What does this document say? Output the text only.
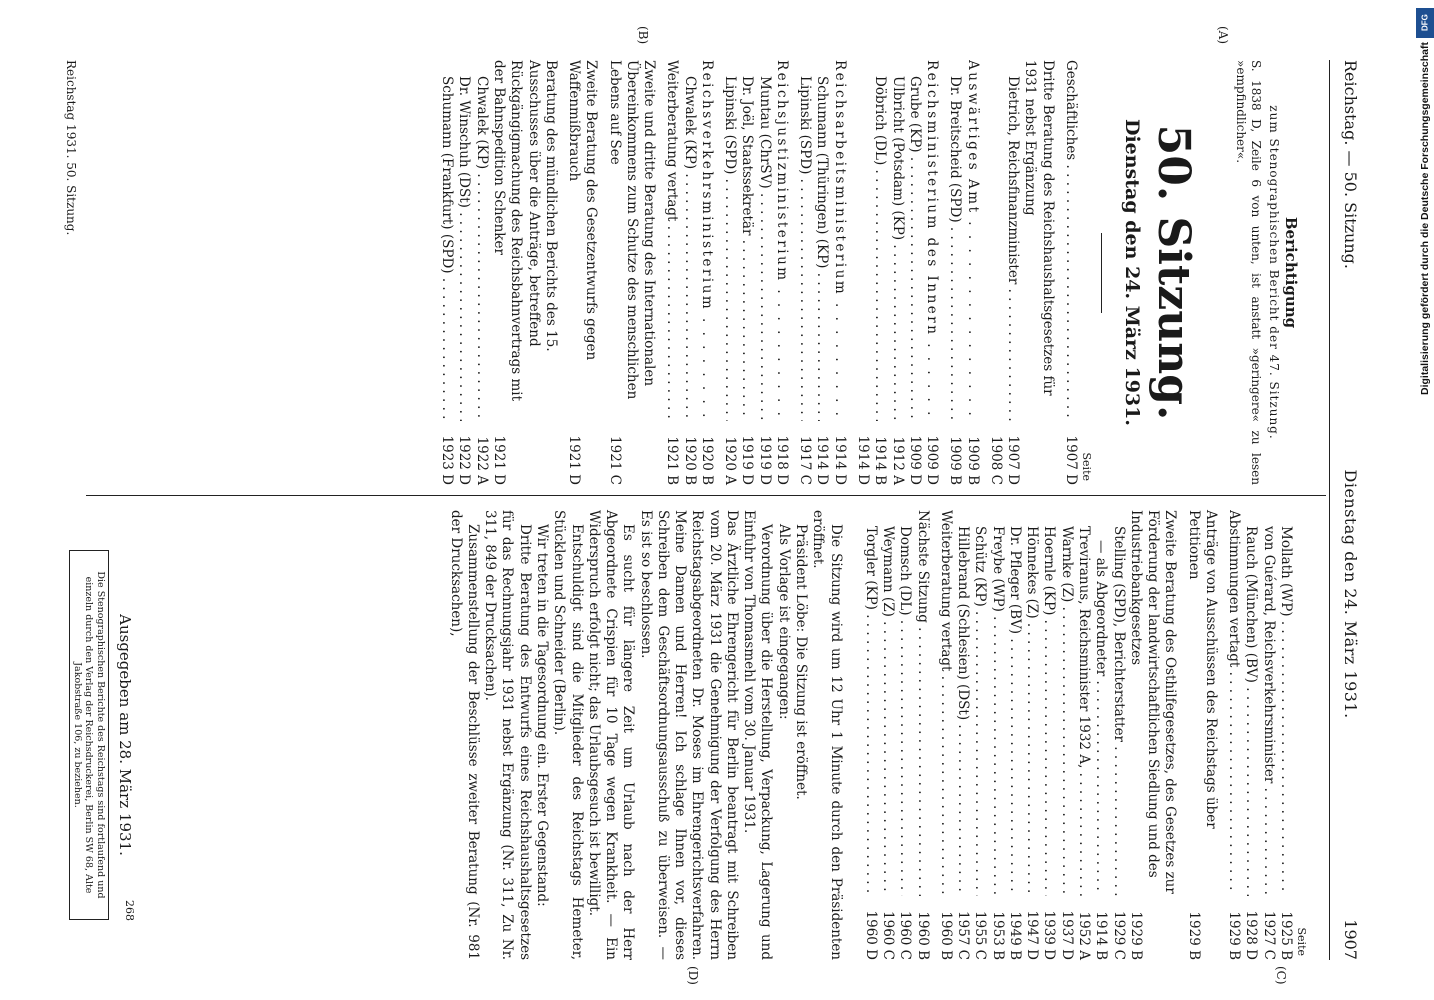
Reichstag. — 50. Sitzung.
Dienstag den 24. März 1931.
1907
(A)
(B)
(C)
(D)
Berichtigung
zum Stenographischen Bericht der 47. Sitzung.
S. 1838 D, Zeile 6 von unten, ist anstatt »geringere« zu lesen »empfindlicher«.
50. Sitzung.
Dienstag den 24. März 1931.
Seite
Geschäftliches . . .
1907 D
Dritte Beratung des Reichshaushaltsgesetzes für 1931 nebst Ergänzung
Dietrich, Reichsfinanzminister . . .
1907 D
1908 C
Auswärtiges Amt . . .
1909 B
Dr. Breitscheid (SPD) . . .
1909 B
Reichsministerium des Innern . . .
1909 D
Grube (KP) . . .
1909 D
Ulbricht (Potsdam) (KP) . . .
1912 A
Döbrich (DL) . . .
1914 B
1914 D
Reichsarbeitsministerium . . .
1914 D
Schumann (Thüringen) (KP) . . .
1914 D
Lipinski (SPD) . . .
1917 C
Reichsjustizministerium . . .
1918 D
Muntau (ChrSV) . . .
1919 D
Dr. Joël, Staatssekretär . . .
1919 D
Lipinski (SPD) . . .
1920 A
Reichsverkehrsministerium . . .
1920 B
Chwalek (KP) . . .
1920 B
Weiterberatung vertagt . . .
1921 B
Zweite und dritte Beratung des Internationalen Übereinkommens zum Schutze des menschlichen Lebens auf See
1921 C
Zweite Beratung des Gesetzentwurfs gegen Waffenmißbrauch
1921 D
Beratung des mündlichen Berichts des 15. Ausschusses über die Anträge, betreffend Rückgängigmachung des Reichsbahnvertrags mit der Bahnspedition Schenker
1921 D
Chwalek (KP) . . .
1922 A
Dr. Winschuh (DSt) . . .
1922 D
Schumann (Frankfurt) (SPD) . . .
1923 D
Seite
Mollath (WP) . . .
1925 B
von Guérard, Reichsverkehrsminister . . .
1927 C
Rauch (München) (BV) . . .
1928 D
Abstimmungen vertagt . . .
1929 B
Anträge von Ausschüssen des Reichstags über Petitionen
1929 B
Zweite Beratung des Osthilfegesetzes, des Gesetzes zur Förderung der landwirtschaftlichen Siedlung und des Industriebankgesetzes
1929 B
Stelling (SPD), Berichterstatter . . .
1929 C
— als Abgeordneter . . .
1914 B
Treviranus, Reichsminister 1932 A, . . .
1952 A
Warnke (Z) . . .
1937 D
Hoernle (KP) . . .
1939 D
Hönnekes (Z) . . .
1947 D
Dr. Pfleger (BV) . . .
1949 B
Freybe (WP) . . .
1953 B
Schütz (KP) . . .
1955 C
Hillebrand (Schlesien) (DSt) . . .
1957 C
Weiterberatung vertagt . . .
1960 B
Nächste Sitzung . . .
1960 B
Domsch (DL) . . .
1960 C
Weymann (Z) . . .
1960 C
Torgler (KP) . . .
1960 D

Die Sitzung wird um 12 Uhr 1 Minute durch den Präsidenten eröffnet.

Präsident Löbe: Die Sitzung ist eröffnet.

Als Vorlage ist eingegangen:

Verordnung über die Herstellung, Verpackung, Lagerung und Einfuhr von Thomasmehl vom 30. Januar 1931.

Das Ärztliche Ehrengericht für Berlin beantragt mit Schreiben vom 20. März 1931 die Genehmigung der Verfolgung des Herrn Reichstagsabgeordneten Dr. Moses im Ehrengerichtsverfahren. Meine Damen und Herren! Ich schlage Ihnen vor, dieses Schreiben dem Geschäftsordnungsausschuß zu überweisen. — Es ist so beschlossen.

Es sucht für längere Zeit um Urlaub nach der Herr Abgeordnete Crispien für 10 Tage wegen Krankheit. — Ein Widerspruch erfolgt nicht; das Urlaubsgesuch ist bewilligt.

Entschuldigt sind die Mitglieder des Reichstags Hemeter, Stücklen und Schneider (Berlin).

Wir treten in die Tagesordnung ein. Erster Gegenstand:

Dritte Beratung des Entwurfs eines Reichshaushaltsgesetzes für das Rechnungsjahr 1931 nebst Ergänzung (Nr. 311, Zu Nr. 311, 849 der Drucksachen).

Zusammenstellung der Beschlüsse zweiter Beratung (Nr. 981 der Drucksachen),

Reichstag 1931. 50. Sitzung.
Ausgegeben am 28. März 1931.
Die Stenographischen Berichte des Reichstags sind fortlaufend und einzeln durch den Verlag der Reichsdruckerei, Berlin SW 68, Alte Jakobstraße 106, zu beziehen.
268
DFG
Digitalisierung gefördert durch die Deutsche Forschungsgemeinschaft
